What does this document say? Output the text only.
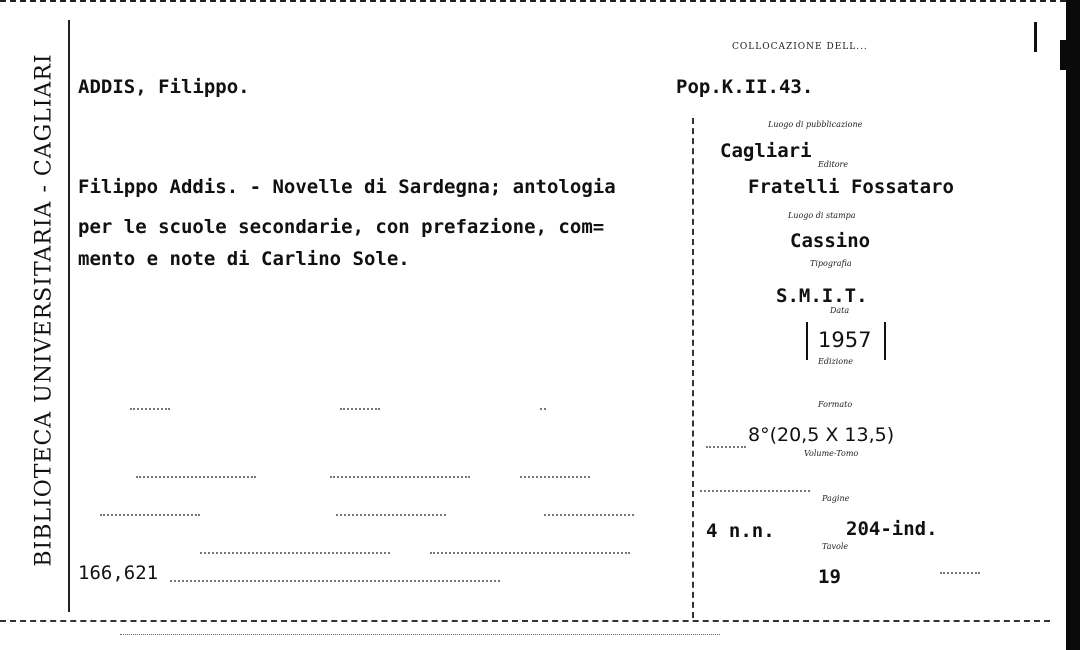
BIBLIOTECA UNIVERSITARIA - CAGLIARI
COLLOCAZIONE DELL...
ADDIS, Filippo.	Pop.K.II.43.
Filippo Addis. - Novelle di Sardegna; antologia
per le scuole secondarie, con prefazione, com=
mento e note di Carlino Sole.
Luogo di pubblicazione
Cagliari
Editore
Fratelli Fossataro
Luogo di stampa
Cassino
Tipografia
S.M.I.T.
Data
1957
Edizione
Formato
8°(20,5 X 13,5)
Volume-Tomo
Pagine
4 n.n.	204-ind.
Tavole
19
166,621
